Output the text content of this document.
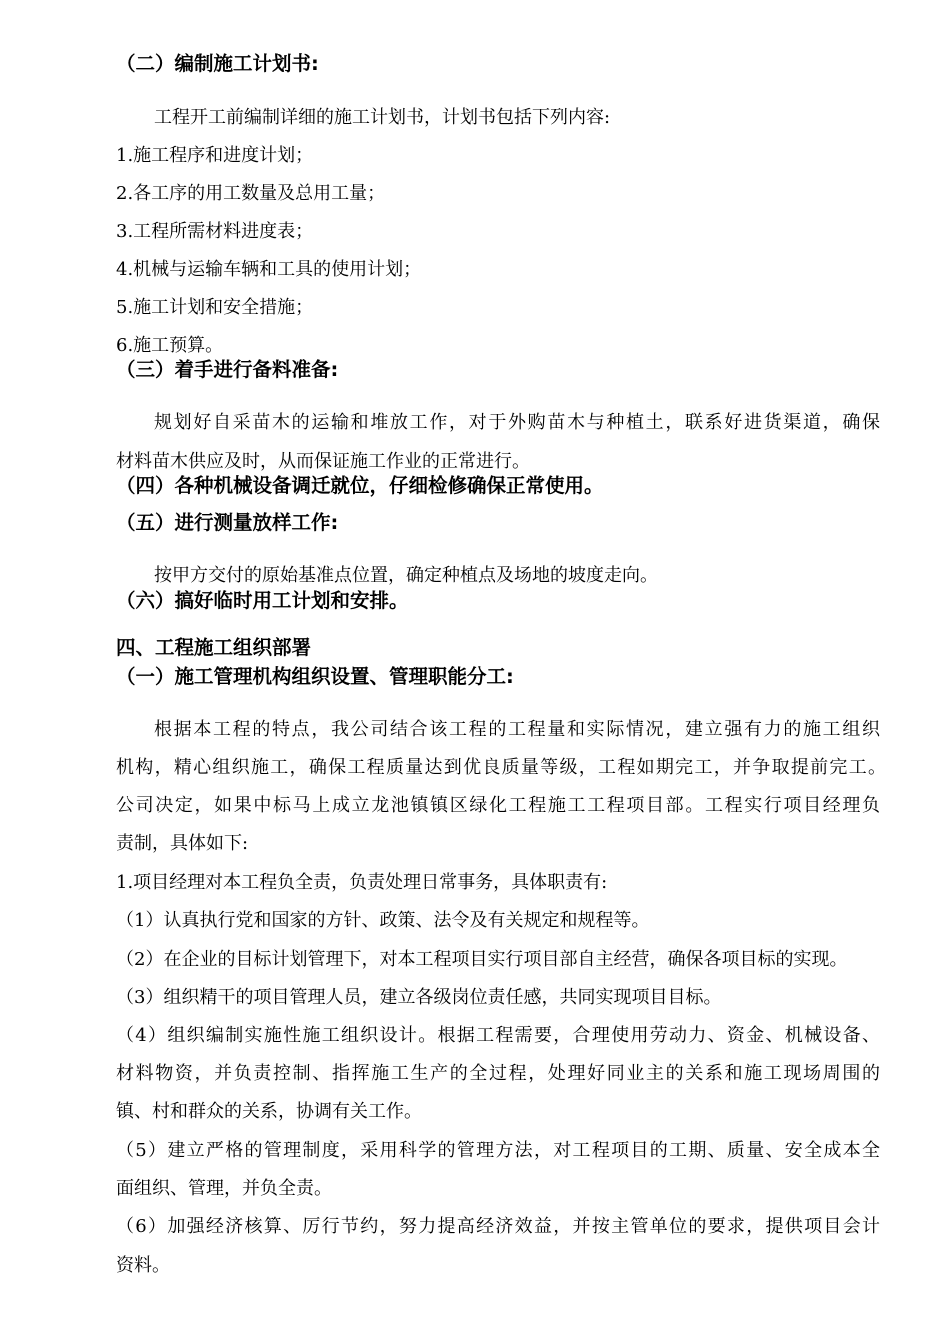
（二）编制施工计划书:
工程开工前编制详细的施工计划书，计划书包括下列内容:
1.施工程序和进度计划；
2.各工序的用工数量及总用工量；
3.工程所需材料进度表；
4.机械与运输车辆和工具的使用计划；
5.施工计划和安全措施；
6.施工预算。
（三）着手进行备料准备:
规划好自采苗木的运输和堆放工作，对于外购苗木与种植土，联系好进货渠道，确保
材料苗木供应及时，从而保证施工作业的正常进行。
（四）各种机械设备调迁就位，仔细检修确保正常使用。
（五）进行测量放样工作:
按甲方交付的原始基准点位置，确定种植点及场地的坡度走向。
（六）搞好临时用工计划和安排。
四、工程施工组织部署
（一）施工管理机构组织设置、管理职能分工:
根据本工程的特点，我公司结合该工程的工程量和实际情况，建立强有力的施工组织
机构，精心组织施工，确保工程质量达到优良质量等级，工程如期完工，并争取提前完工。
公司决定，如果中标马上成立龙池镇镇区绿化工程施工工程项目部。工程实行项目经理负
责制，具体如下:
1.项目经理对本工程负全责，负责处理日常事务，具体职责有:
（1）认真执行党和国家的方针、政策、法令及有关规定和规程等。
（2）在企业的目标计划管理下，对本工程项目实行项目部自主经营，确保各项目标的实现。
（3）组织精干的项目管理人员，建立各级岗位责任感，共同实现项目目标。
（4）组织编制实施性施工组织设计。根据工程需要，合理使用劳动力、资金、机械设备、
材料物资，并负责控制、指挥施工生产的全过程，处理好同业主的关系和施工现场周围的
镇、村和群众的关系，协调有关工作。
（5）建立严格的管理制度，采用科学的管理方法，对工程项目的工期、质量、安全成本全
面组织、管理，并负全责。
（6）加强经济核算、厉行节约，努力提高经济效益，并按主管单位的要求，提供项目会计
资料。
